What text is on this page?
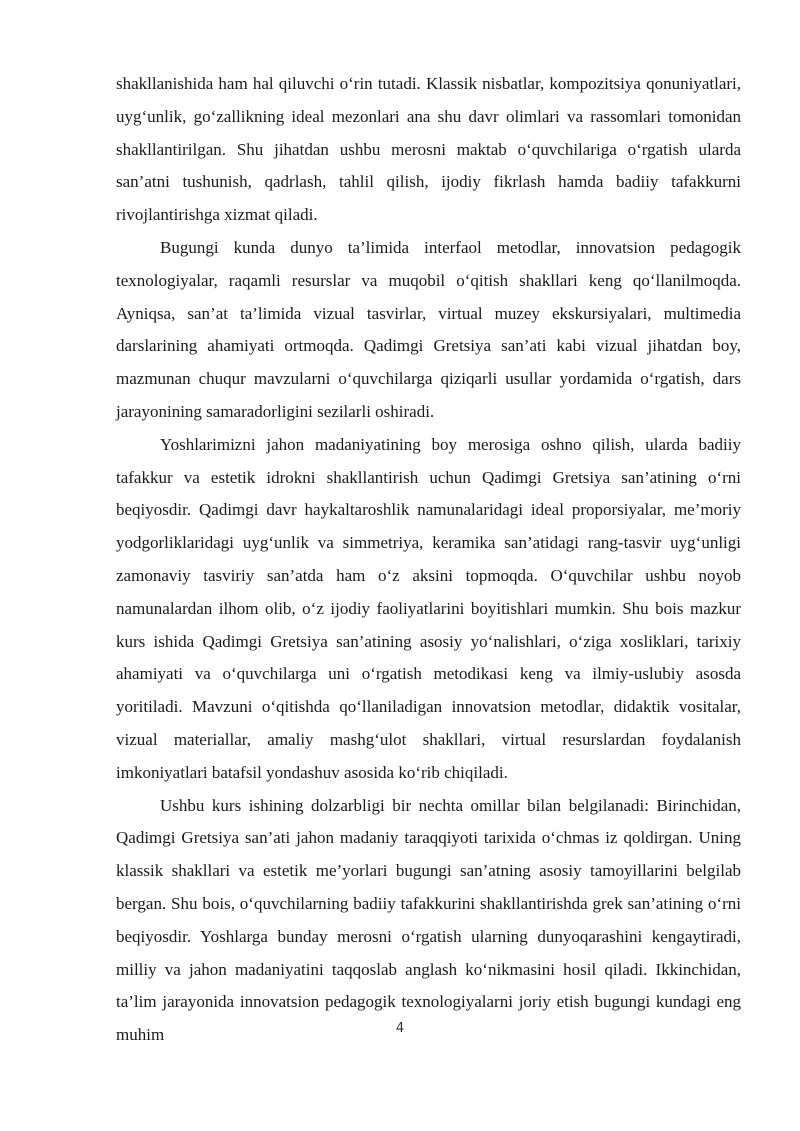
shakllanishida ham hal qiluvchi o‘rin tutadi. Klassik nisbatlar, kompozitsiya qonuniyatlari, uyg‘unlik, go‘zallikning ideal mezonlari ana shu davr olimlari va rassomlari tomonidan shakllantirilgan. Shu jihatdan ushbu merosni maktab o‘quvchilariga o‘rgatish ularda san’atni tushunish, qadrlash, tahlil qilish, ijodiy fikrlash hamda badiiy tafakkurni rivojlantirishga xizmat qiladi.

Bugungi kunda dunyo ta’limida interfaol metodlar, innovatsion pedagogik texnologiyalar, raqamli resurslar va muqobil o‘qitish shakllari keng qo‘llanilmoqda. Ayniqsa, san’at ta’limida vizual tasvirlar, virtual muzey ekskursiyalari, multimedia darslarining ahamiyati ortmoqda. Qadimgi Gretsiya san’ati kabi vizual jihatdan boy, mazmunan chuqur mavzularni o‘quvchilarga qiziqarli usullar yordamida o‘rgatish, dars jarayonining samaradorligini sezilarli oshiradi.

Yoshlarimizni jahon madaniyatining boy merosiga oshno qilish, ularda badiiy tafakkur va estetik idrokni shakllantirish uchun Qadimgi Gretsiya san’atining o‘rni beqiyosdir. Qadimgi davr haykaltaroshlik namunalaridagi ideal proporsiyalar, me’moriy yodgorliklaridagi uyg‘unlik va simmetriya, keramika san’atidagi rang-tasvir uyg‘unligi zamonaviy tasviriy san’atda ham o‘z aksini topmoqda. O‘quvchilar ushbu noyob namunalardan ilhom olib, o‘z ijodiy faoliyatlarini boyitishlari mumkin. Shu bois mazkur kurs ishida Qadimgi Gretsiya san’atining asosiy yo‘nalishlari, o‘ziga xosliklari, tarixiy ahamiyati va o‘quvchilarga uni o‘rgatish metodikasi keng va ilmiy-uslubiy asosda yoritiladi. Mavzuni o‘qitishda qo‘llaniladigan innovatsion metodlar, didaktik vositalar, vizual materiallar, amaliy mashg‘ulot shakllari, virtual resurslardan foydalanish imkoniyatlari batafsil yondashuv asosida ko‘rib chiqiladi.

Ushbu kurs ishining dolzarbligi bir nechta omillar bilan belgilanadi: Birinchidan, Qadimgi Gretsiya san’ati jahon madaniy taraqqiyoti tarixida o‘chmas iz qoldirgan. Uning klassik shakllari va estetik me’yorlari bugungi san’atning asosiy tamoyillarini belgilab bergan. Shu bois, o‘quvchilarning badiiy tafakkurini shakllantirishda grek san’atining o‘rni beqiyosdir. Yoshlarga bunday merosni o‘rgatish ularning dunyoqarashini kengaytiradi, milliy va jahon madaniyatini taqqoslab anglash ko‘nikmasini hosil qiladi. Ikkinchidan, ta’lim jarayonida innovatsion pedagogik texnologiyalarni joriy etish bugungi kundagi eng muhim	4
